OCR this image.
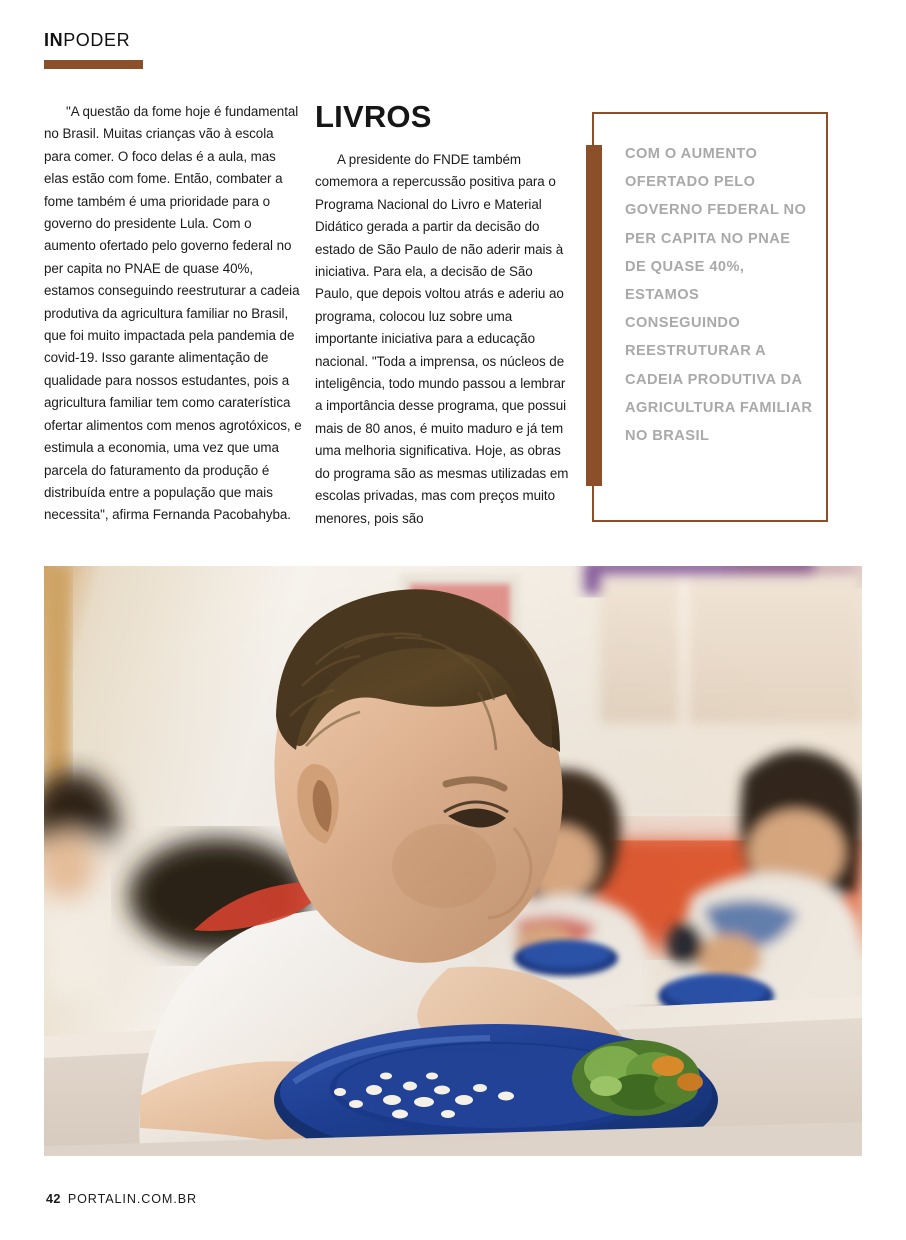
INPODER

"A questão da fome hoje é fundamental no Brasil. Muitas crianças vão à escola para comer. O foco delas é a aula, mas elas estão com fome. Então, combater a fome também é uma prioridade para o governo do presidente Lula. Com o aumento ofertado pelo governo federal no per capita no PNAE de quase 40%, estamos conseguindo reestruturar a cadeia produtiva da agricultura familiar no Brasil, que foi muito impactada pela pandemia de covid-19. Isso garante alimentação de qualidade para nossos estudantes, pois a agricultura familiar tem como caraterística ofertar alimentos com menos agrotóxicos, e estimula a economia, uma vez que uma parcela do faturamento da produção é distribuída entre a população que mais necessita", afirma Fernanda Pacobahyba.

LIVROS

A presidente do FNDE também comemora a repercussão positiva para o Programa Nacional do Livro e Material Didático gerada a partir da decisão do estado de São Paulo de não aderir mais à iniciativa. Para ela, a decisão de São Paulo, que depois voltou atrás e aderiu ao programa, colocou luz sobre uma importante iniciativa para a educação nacional. "Toda a imprensa, os núcleos de inteligência, todo mundo passou a lembrar a importância desse programa, que possui mais de 80 anos, é muito maduro e já tem uma melhoria significativa. Hoje, as obras do programa são as mesmas utilizadas em escolas privadas, mas com preços muito menores, pois são

COM O AUMENTO OFERTADO PELO GOVERNO FEDERAL NO PER CAPITA NO PNAE DE QUASE 40%, ESTAMOS CONSEGUINDO REESTRUTURAR A CADEIA PRODUTIVA DA AGRICULTURA FAMILIAR NO BRASIL
42 PORTALIN.COM.BR
